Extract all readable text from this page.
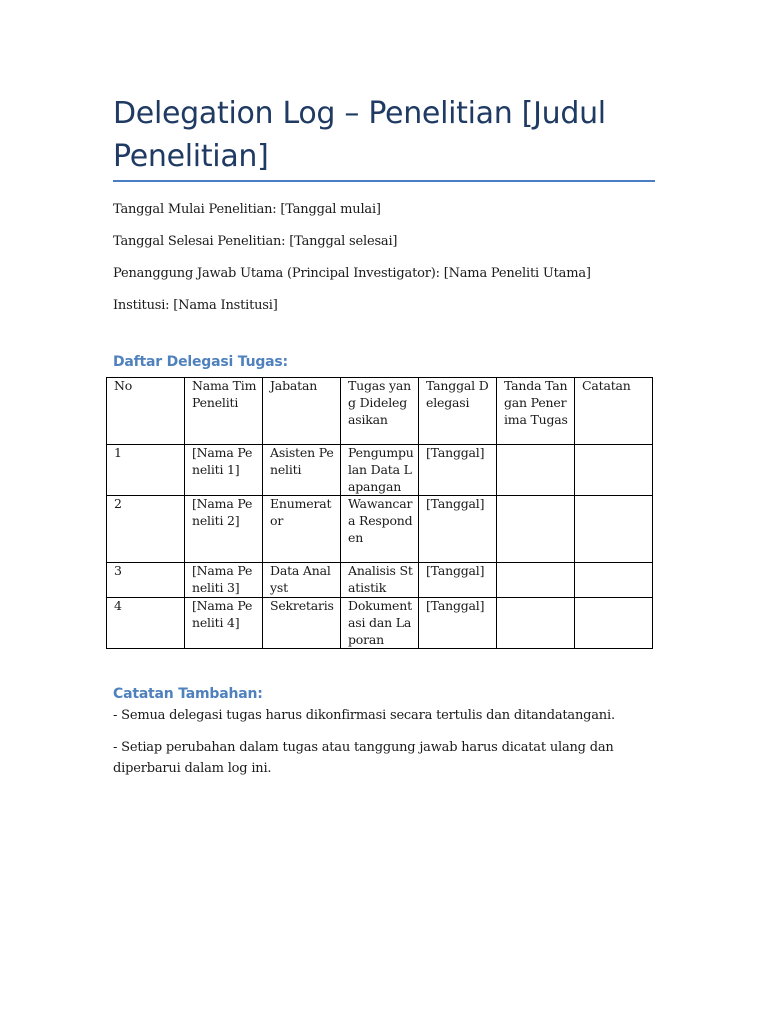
Delegation Log – Penelitian [Judul Penelitian]
Tanggal Mulai Penelitian: [Tanggal mulai]
Tanggal Selesai Penelitian: [Tanggal selesai]
Penanggung Jawab Utama (Principal Investigator): [Nama Peneliti Utama]
Institusi: [Nama Institusi]
Daftar Delegasi Tugas:
No	Nama Tim Peneliti	Jabatan	Tugas yang Didelegasikan	Tanggal Delegasi	Tanda Tangan Penerima Tugas	Catatan
1	[Nama Peneliti 1]	Asisten Peneliti	Pengumpulan Data Lapangan	[Tanggal]		
2	[Nama Peneliti 2]	Enumerator	Wawancara Responden	[Tanggal]		
3	[Nama Peneliti 3]	Data Analyst	Analisis Statistik	[Tanggal]		
4	[Nama Peneliti 4]	Sekretaris	Dokumentasi dan Laporan	[Tanggal]		
Catatan Tambahan:
- Semua delegasi tugas harus dikonfirmasi secara tertulis dan ditandatangani.
- Setiap perubahan dalam tugas atau tanggung jawab harus dicatat ulang dan diperbarui dalam log ini.
